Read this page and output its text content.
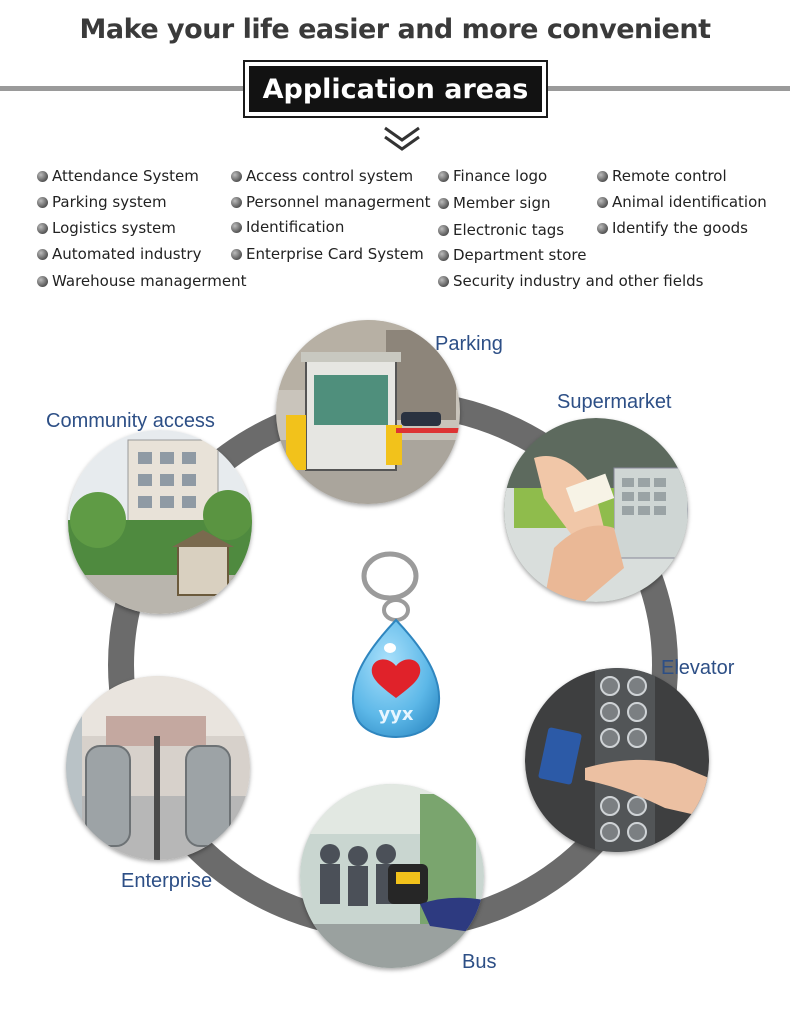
Make your life easier and more convenient
Application areas
Attendance System
Parking system
Logistics system
Automated industry
Warehouse managerment
Access control system
Personnel managerment
Identification
Enterprise Card System
Finance logo
Member sign
Electronic tags
Department store
Security industry and other fields
Remote control
Animal identification
Identify the goods
Parking
Supermarket
Community access
yyx
Elevator
Enterprise
Bus
